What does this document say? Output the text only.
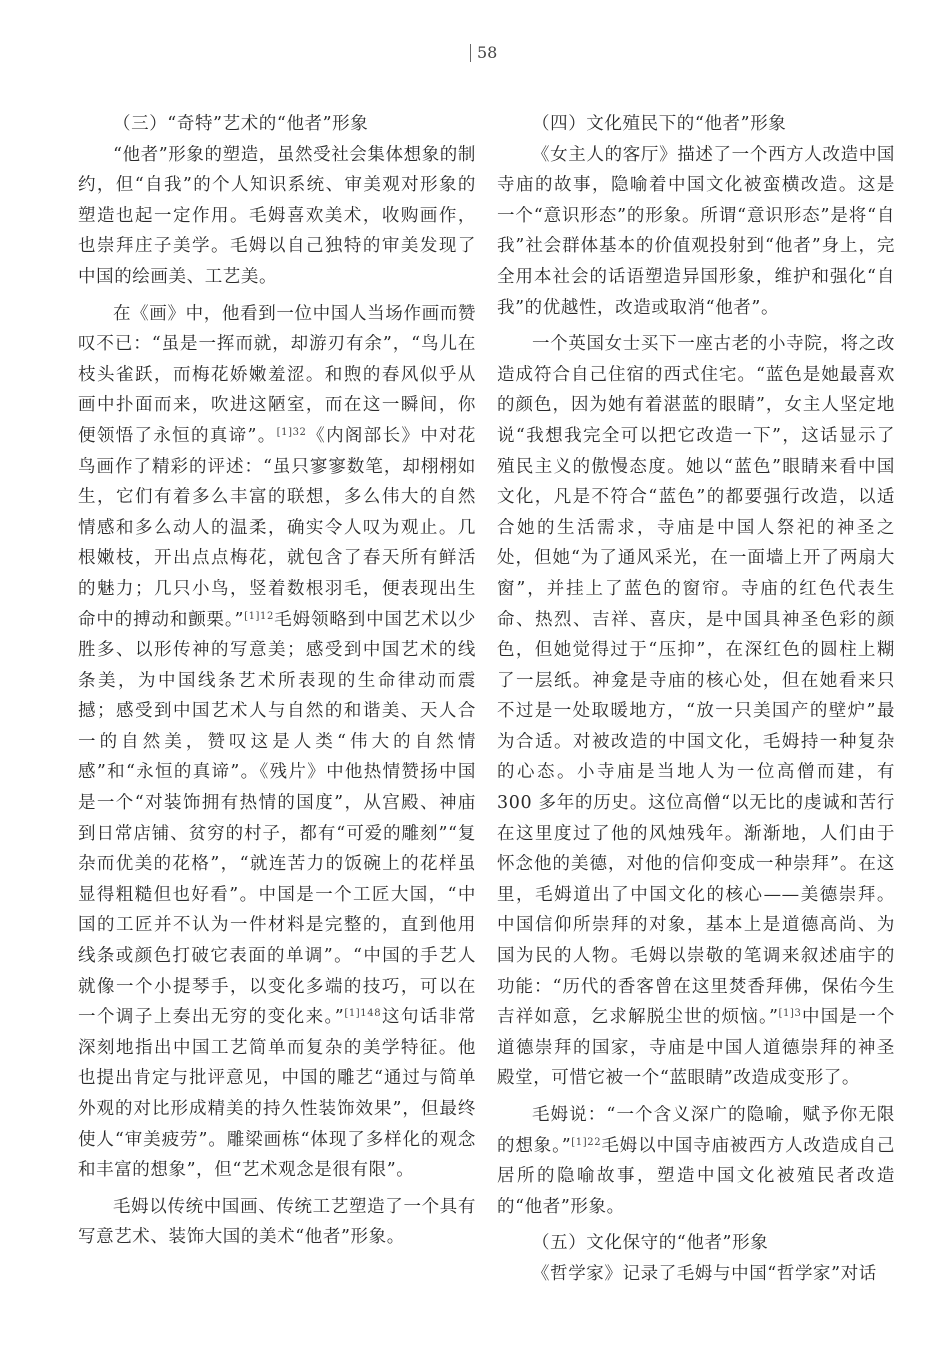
58
（三）“奇特”艺术的“他者”形象

“他者”形象的塑造，虽然受社会集体想象的制约，但“自我”的个人知识系统、审美观对形象的塑造也起一定作用。毛姆喜欢美术，收购画作，也崇拜庄子美学。毛姆以自己独特的审美发现了中国的绘画美、工艺美。

在《画》中，他看到一位中国人当场作画而赞叹不已：“虽是一挥而就，却游刃有余”，“鸟儿在枝头雀跃，而梅花娇嫩羞涩。和煦的春风似乎从画中扑面而来，吹进这陋室，而在这一瞬间，你便领悟了永恒的真谛”。$^{[1]32}$《内阁部长》中对花鸟画作了精彩的评述：“虽只寥寥数笔，却栩栩如生，它们有着多么丰富的联想，多么伟大的自然情感和多么动人的温柔，确实令人叹为观止。几根嫩枝，开出点点梅花，就包含了春天所有鲜活的魅力；几只小鸟，竖着数根羽毛，便表现出生命中的搏动和颤栗。”$^{[1]12}$毛姆领略到中国艺术以少胜多、以形传神的写意美；感受到中国艺术的线条美，为中国线条艺术所表现的生命律动而震撼；感受到中国艺术人与自然的和谐美、天人合一的自然美，赞叹这是人类“伟大的自然情感”和“永恒的真谛”。《残片》中他热情赞扬中国是一个“对装饰拥有热情的国度”，从宫殿、神庙到日常店铺、贫穷的村子，都有“可爱的雕刻”“复杂而优美的花格”，“就连苦力的饭碗上的花样虽显得粗糙但也好看”。中国是一个工匠大国，“中国的工匠并不认为一件材料是完整的，直到他用线条或颜色打破它表面的单调”。“中国的手艺人就像一个小提琴手，以变化多端的技巧，可以在一个调子上奏出无穷的变化来。”$^{[1]148}$这句话非常深刻地指出中国工艺简单而复杂的美学特征。他也提出肯定与批评意见，中国的雕艺“通过与简单外观的对比形成精美的持久性装饰效果”，但最终使人“审美疲劳”。雕梁画栋“体现了多样化的观念和丰富的想象”，但“艺术观念是很有限”。

毛姆以传统中国画、传统工艺塑造了一个具有写意艺术、装饰大国的美术“他者”形象。

（四）文化殖民下的“他者”形象

《女主人的客厅》描述了一个西方人改造中国寺庙的故事，隐喻着中国文化被蛮横改造。这是一个“意识形态”的形象。所谓“意识形态”是将“自我”社会群体基本的价值观投射到“他者”身上，完全用本社会的话语塑造异国形象，维护和强化“自我”的优越性，改造或取消“他者”。

一个英国女士买下一座古老的小寺院，将之改造成符合自己住宿的西式住宅。“蓝色是她最喜欢的颜色，因为她有着湛蓝的眼睛”，女主人坚定地说“我想我完全可以把它改造一下”，这话显示了殖民主义的傲慢态度。她以“蓝色”眼睛来看中国文化，凡是不符合“蓝色”的都要强行改造，以适合她的生活需求，寺庙是中国人祭祀的神圣之处，但她“为了通风采光，在一面墙上开了两扇大窗”，并挂上了蓝色的窗帘。寺庙的红色代表生命、热烈、吉祥、喜庆，是中国具神圣色彩的颜色，但她觉得过于“压抑”，在深红色的圆柱上糊了一层纸。神龛是寺庙的核心处，但在她看来只不过是一处取暖地方，“放一只美国产的壁炉”最为合适。对被改造的中国文化，毛姆持一种复杂的心态。小寺庙是当地人为一位高僧而建，有 300 多年的历史。这位高僧“以无比的虔诚和苦行在这里度过了他的风烛残年。渐渐地，人们由于怀念他的美德，对他的信仰变成一种崇拜”。在这里，毛姆道出了中国文化的核心——美德崇拜。中国信仰所崇拜的对象，基本上是道德高尚、为国为民的人物。毛姆以崇敬的笔调来叙述庙宇的功能：“历代的香客曾在这里焚香拜佛，保佑今生吉祥如意，乞求解脱尘世的烦恼。”$^{[1]3}$中国是一个道德崇拜的国家，寺庙是中国人道德崇拜的神圣殿堂，可惜它被一个“蓝眼睛”改造成变形了。

毛姆说：“一个含义深广的隐喻，赋予你无限的想象。”$^{[1]22}$毛姆以中国寺庙被西方人改造成自己居所的隐喻故事，塑造中国文化被殖民者改造的“他者”形象。

（五）文化保守的“他者”形象

《哲学家》记录了毛姆与中国“哲学家”对话
